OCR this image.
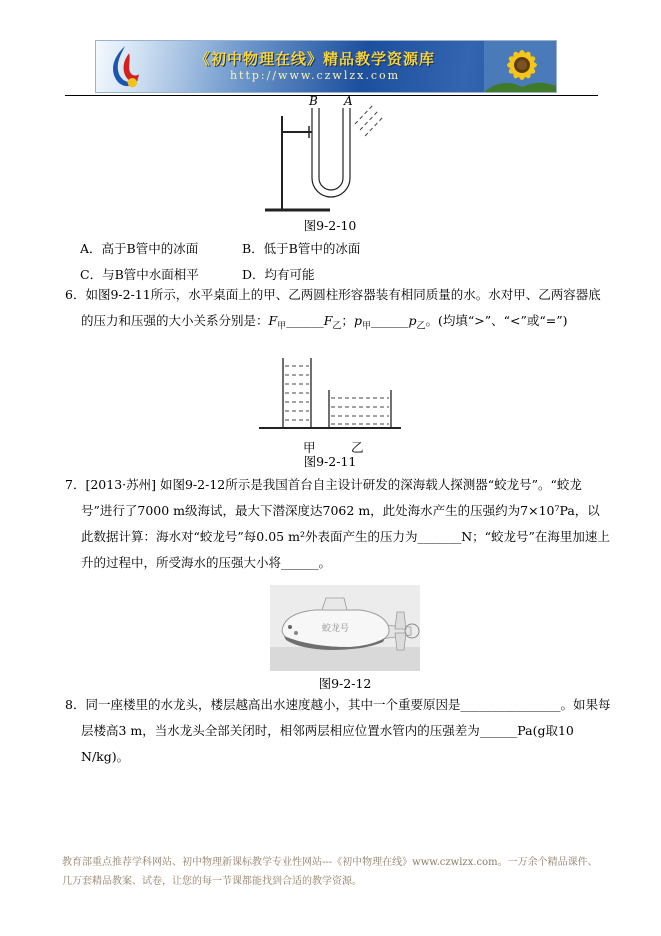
《初中物理在线》精品教学资源库
http://www.czwlzx.com
B A
图9-2-10
A．高于B管中的冰面	B．低于B管中的冰面
C．与B管中水面相平	D．均有可能

6．如图9-2-11所示，水平桌面上的甲、乙两圆柱形容器装有相同质量的水。水对甲、乙两容器底的压力和压强的大小关系分别是：$F_甲\_\_\_\_\_\_F_乙$；$p_甲\_\_\_\_\_\_p_乙$。(均填“>”、“<”或“=”)

甲	乙
图9-2-11

7．[2013·苏州] 如图9-2-12所示是我国首台自主设计研发的深海载人探测器“蛟龙号”。“蛟龙号”进行了7000 m级海试，最大下潜深度达7062 m，此处海水产生的压强约为7×10⁷Pa，以此数据计算：海水对“蛟龙号”每0.05 m²外表面产生的压力为_______N；“蛟龙号”在海里加速上升的过程中，所受海水的压强大小将______。

蛟龙号
图9-2-12

8．同一座楼里的水龙头，楼层越高出水速度越小，其中一个重要原因是________________。如果每层楼高3 m，当水龙头全部关闭时，相邻两层相应位置水管内的压强差为______Pa(g取10 N/kg)。

教育部重点推荐学科网站、初中物理新课标教学专业性网站---《初中物理在线》www.czwlzx.com。一万余个精品课件、
几万套精品教案、试卷，让您的每一节课都能找到合适的教学资源。
